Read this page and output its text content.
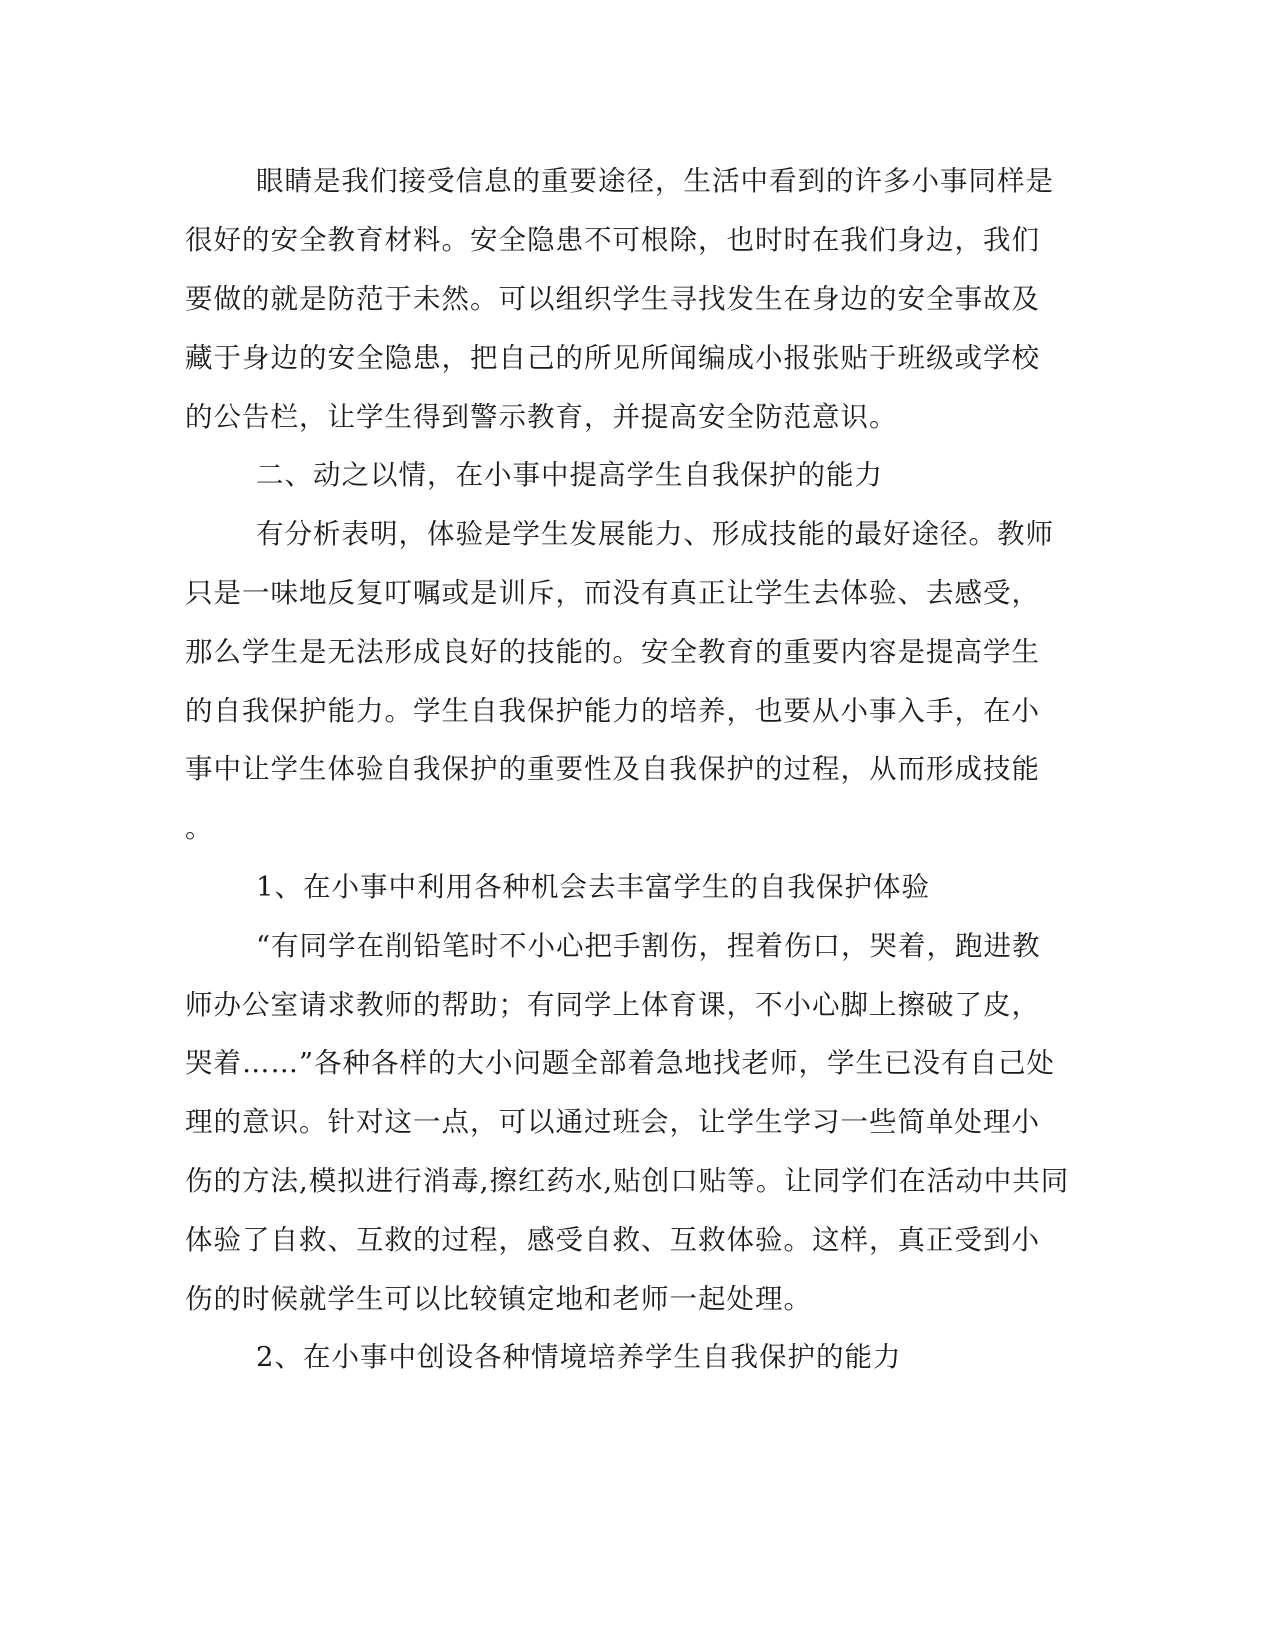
眼睛是我们接受信息的重要途径，生活中看到的许多小事同样是
很好的安全教育材料。安全隐患不可根除，也时时在我们身边，我们
要做的就是防范于未然。可以组织学生寻找发生在身边的安全事故及
藏于身边的安全隐患，把自己的所见所闻编成小报张贴于班级或学校
的公告栏，让学生得到警示教育，并提高安全防范意识。
二、动之以情，在小事中提高学生自我保护的能力
有分析表明，体验是学生发展能力、形成技能的最好途径。教师
只是一味地反复叮嘱或是训斥，而没有真正让学生去体验、去感受，
那么学生是无法形成良好的技能的。安全教育的重要内容是提高学生
的自我保护能力。学生自我保护能力的培养，也要从小事入手，在小
事中让学生体验自我保护的重要性及自我保护的过程，从而形成技能
。
1、在小事中利用各种机会去丰富学生的自我保护体验
“有同学在削铅笔时不小心把手割伤，捏着伤口，哭着，跑进教
师办公室请求教师的帮助；有同学上体育课，不小心脚上擦破了皮，
哭着……”各种各样的大小问题全部着急地找老师，学生已没有自己处
理的意识。针对这一点，可以通过班会，让学生学习一些简单处理小
伤的方法,模拟进行消毒,擦红药水,贴创口贴等。让同学们在活动中共同
体验了自救、互救的过程，感受自救、互救体验。这样，真正受到小
伤的时候就学生可以比较镇定地和老师一起处理。
2、在小事中创设各种情境培养学生自我保护的能力
